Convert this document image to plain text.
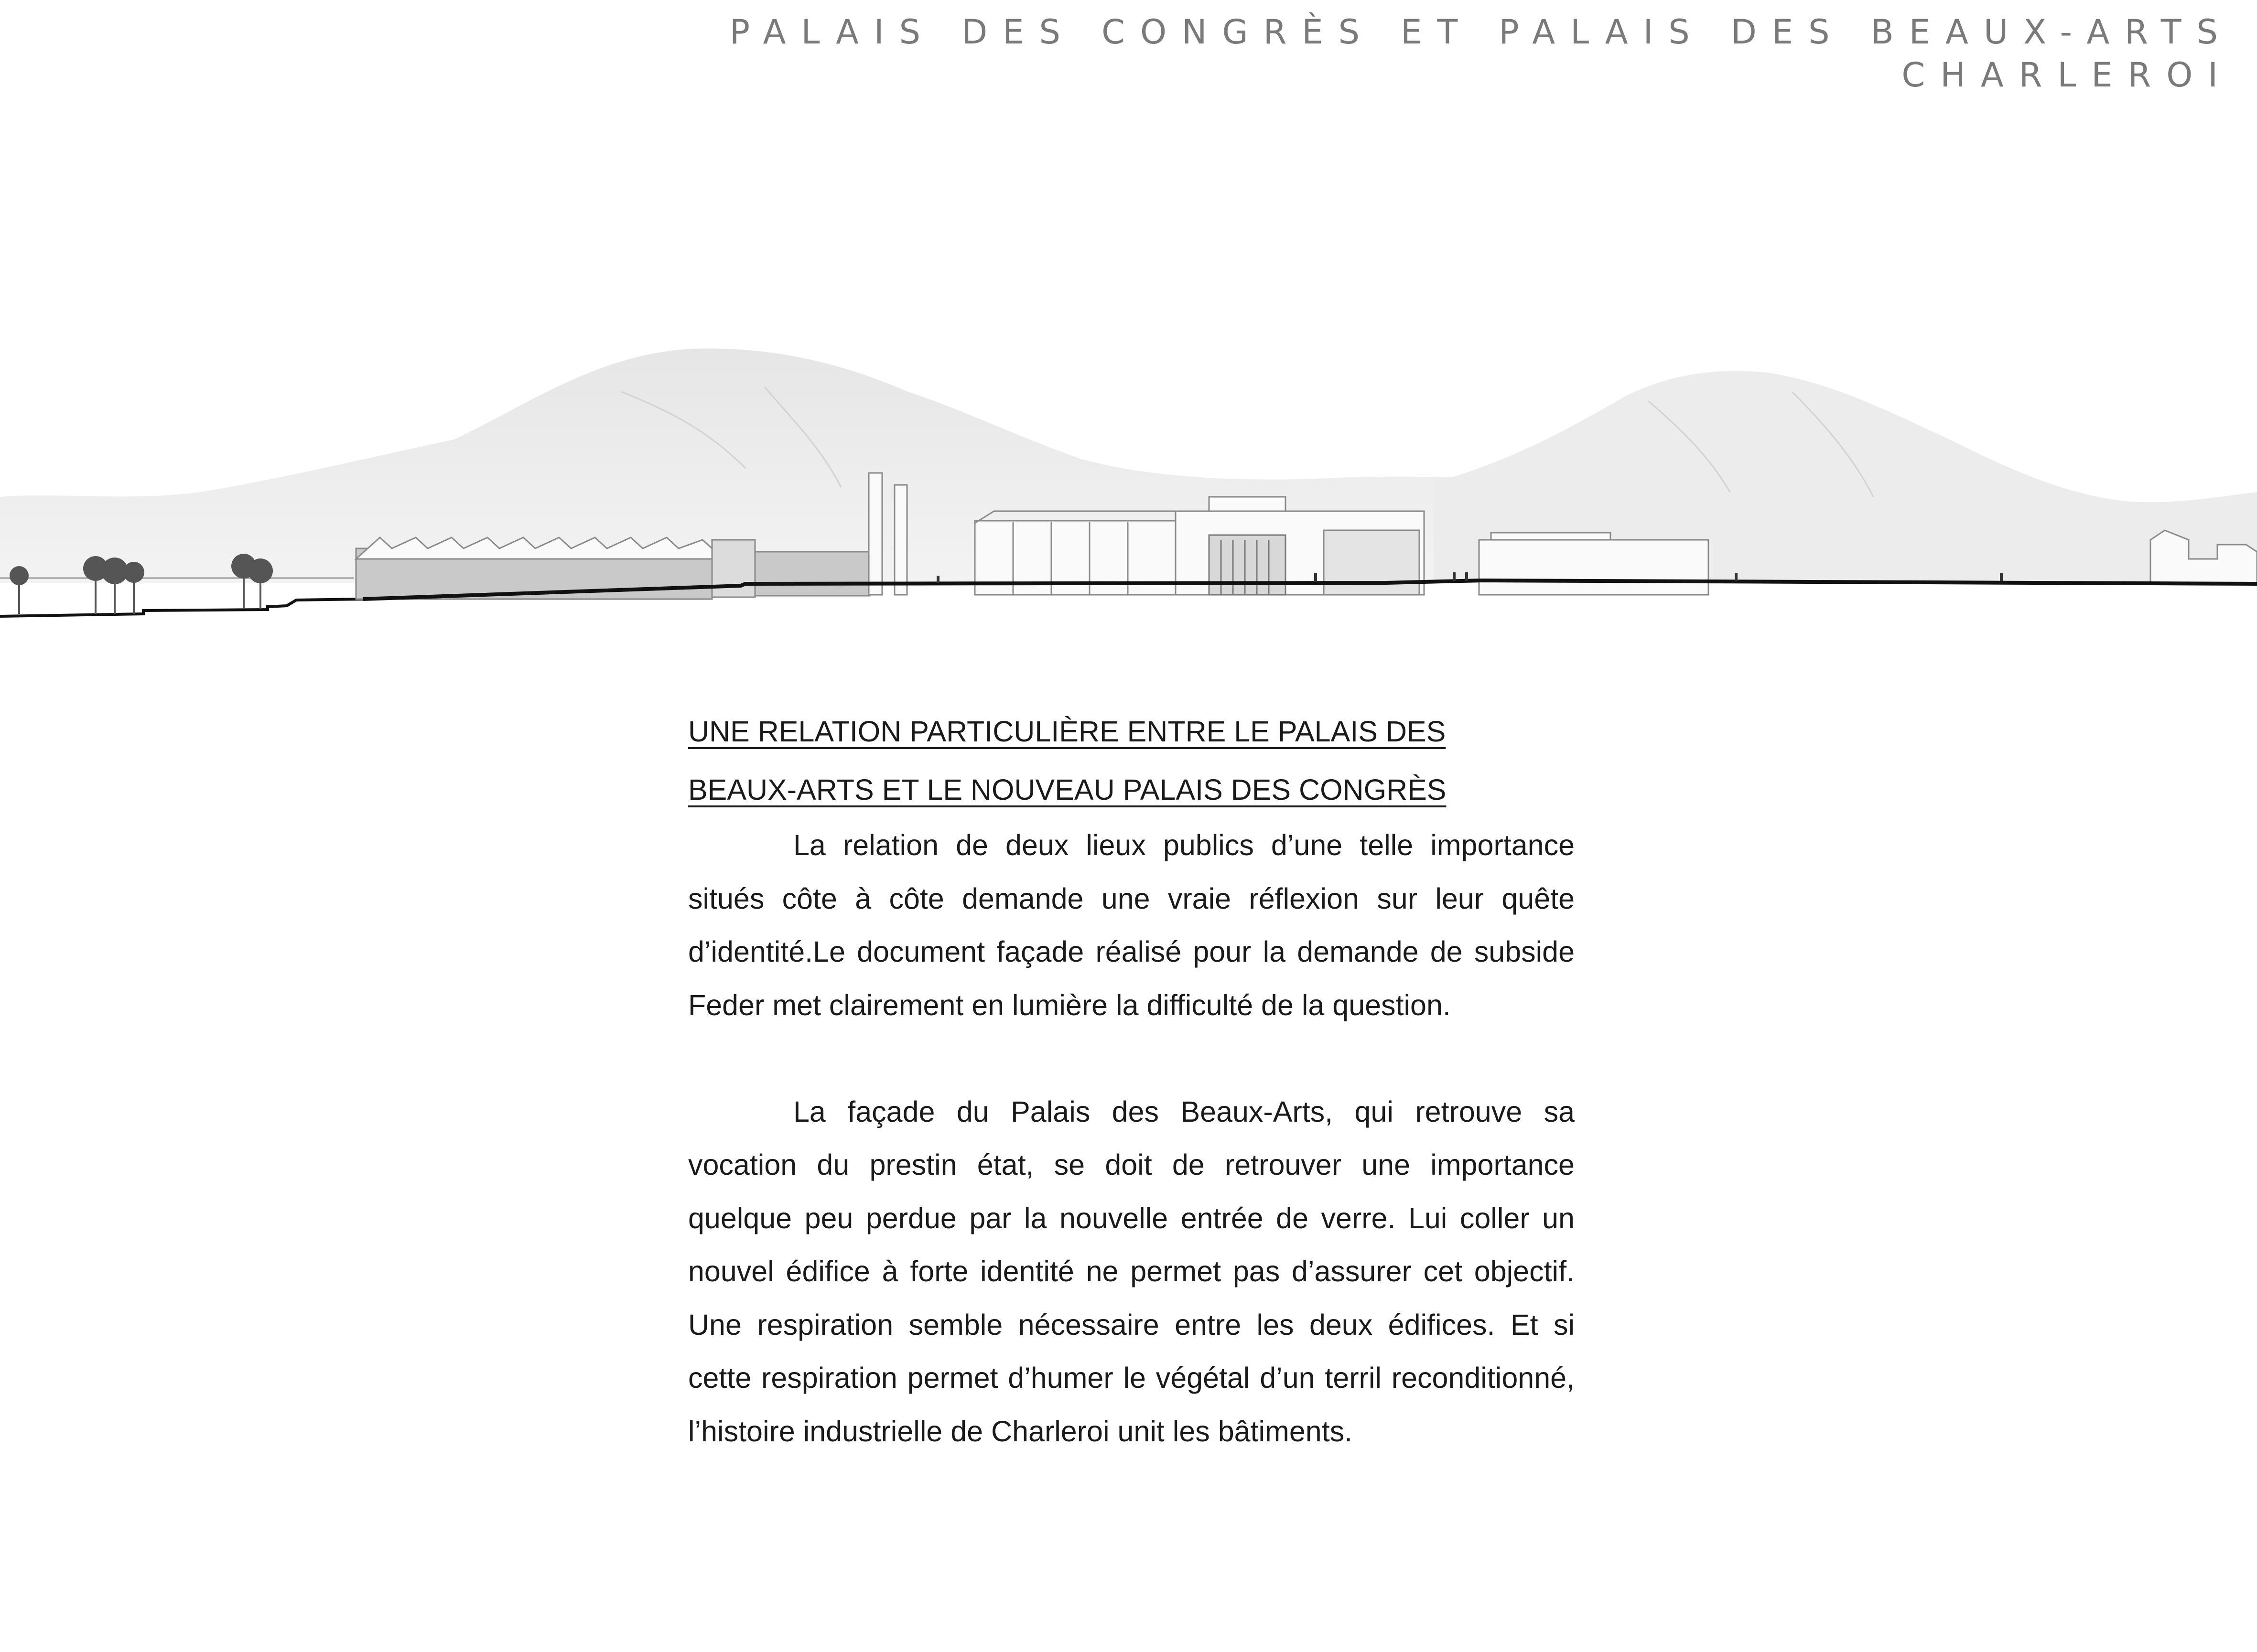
PALAIS DES CONGRÈS ET PALAIS DES BEAUX-ARTS
CHARLEROI

UNE RELATION PARTICULIÈRE ENTRE LE PALAIS DES

BEAUX-ARTS ET LE NOUVEAU PALAIS DES CONGRÈS

La relation de deux lieux publics d’une telle importance situés côte à côte demande une vraie réflexion sur leur quête d’identité.Le document façade réalisé pour la demande de subside Feder met clairement en lumière la difficulté de la question.

La façade du Palais des Beaux-Arts, qui retrouve sa vocation du prestin état, se doit de retrouver une importance quelque peu perdue par la nouvelle entrée de verre. Lui coller un nouvel édifice à forte identité ne permet pas d’assurer cet objectif. Une respiration semble nécessaire entre les deux édifices. Et si cette respiration permet d’humer le végétal d’un terril reconditionné, l’histoire industrielle de Charleroi unit les bâtiments.
